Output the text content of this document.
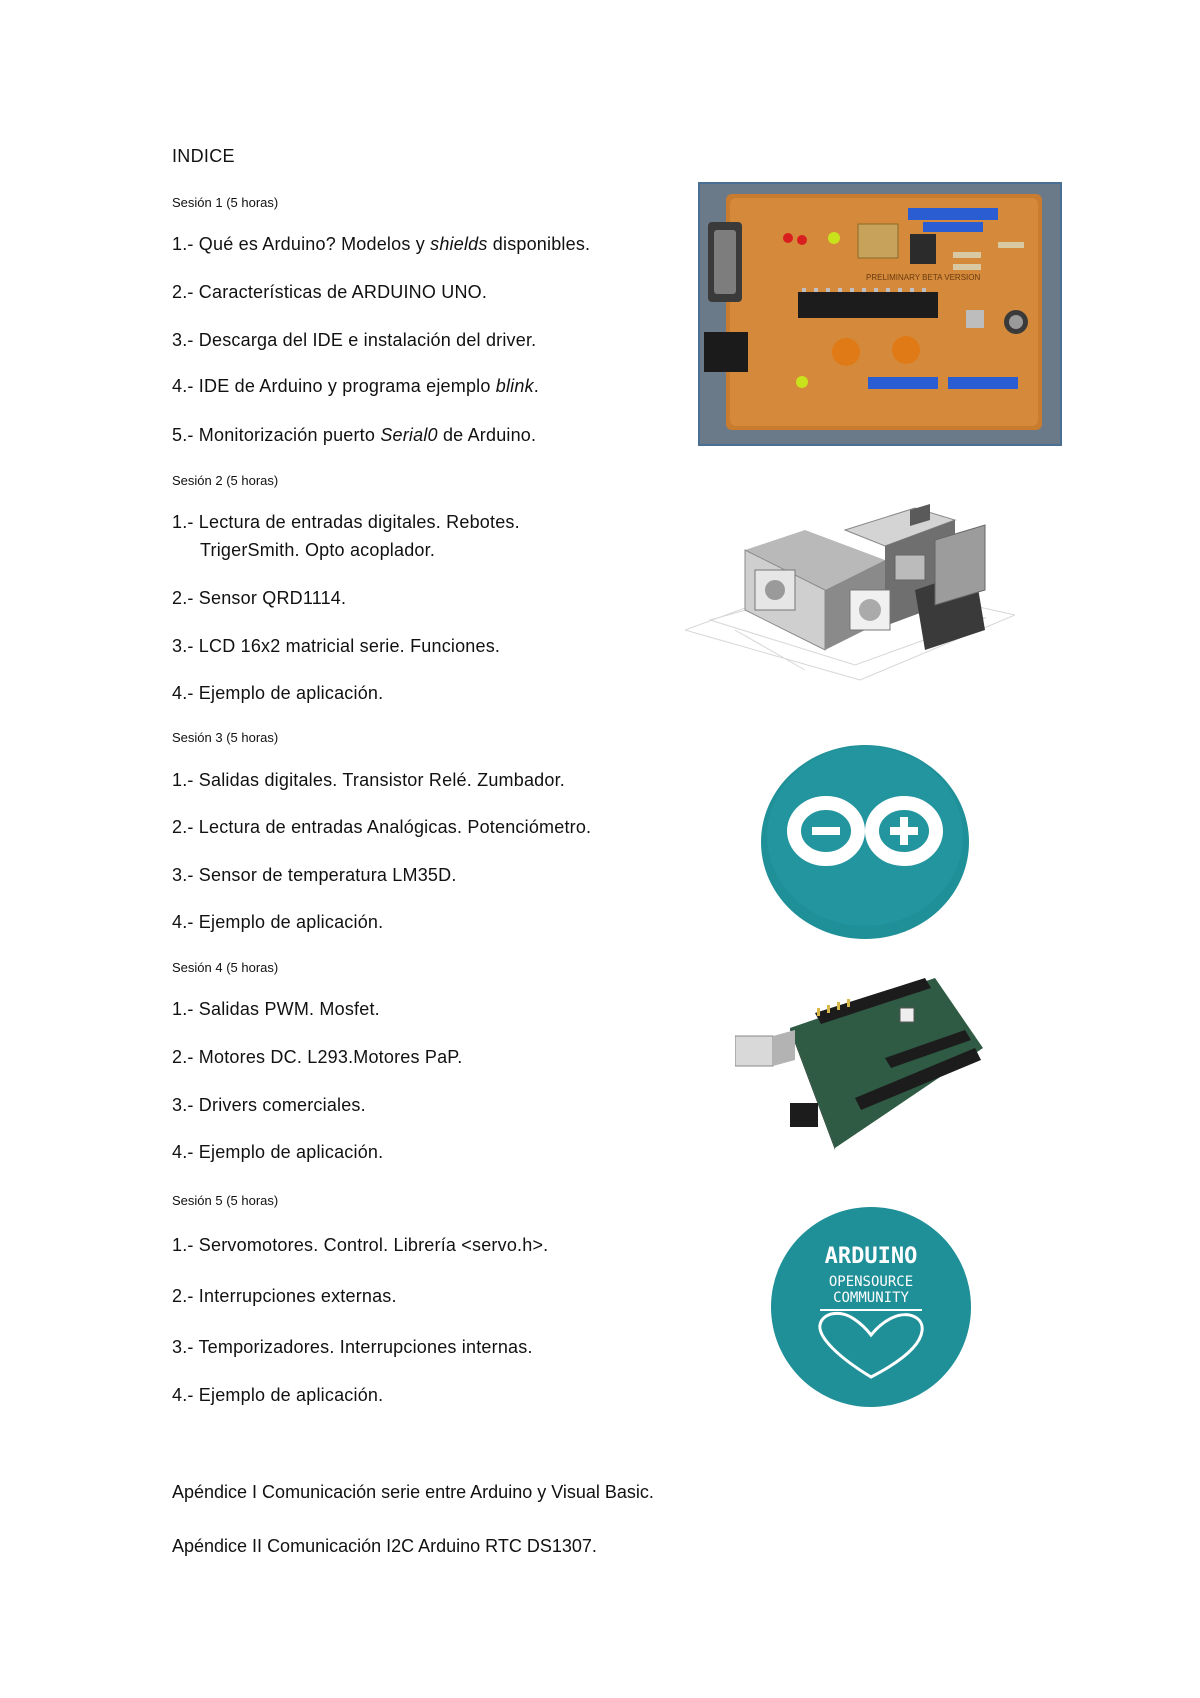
INDICE

Sesión 1 (5 horas)

1.- Qué es Arduino? Modelos y shields disponibles.

2.- Características de ARDUINO UNO.

3.- Descarga del IDE e instalación del driver.

4.- IDE de Arduino y programa ejemplo blink.

5.- Monitorización puerto Serial0 de Arduino.

Sesión 2 (5 horas)

1.- Lectura de entradas digitales. Rebotes.

TrigerSmith. Opto acoplador.

2.- Sensor QRD1114.

3.- LCD 16x2 matricial serie. Funciones.

4.- Ejemplo de aplicación.

Sesión 3 (5 horas)

1.- Salidas digitales. Transistor Relé. Zumbador.

2.- Lectura de entradas Analógicas. Potenciómetro.

3.- Sensor de temperatura LM35D.

4.- Ejemplo de aplicación.

Sesión 4 (5 horas)

1.- Salidas PWM. Mosfet.

2.- Motores DC. L293.Motores PaP.

3.- Drivers comerciales.

4.- Ejemplo de aplicación.

Sesión 5 (5 horas)

1.- Servomotores. Control. Librería <servo.h>.

2.- Interrupciones externas.

3.- Temporizadores. Interrupciones internas.

4.- Ejemplo de aplicación.

Apéndice I Comunicación serie entre Arduino y Visual Basic.

Apéndice II Comunicación I2C Arduino RTC DS1307.

PRELIMINARY BETA VERSION
ARDUINO
OPENSOURCE
COMMUNITY
